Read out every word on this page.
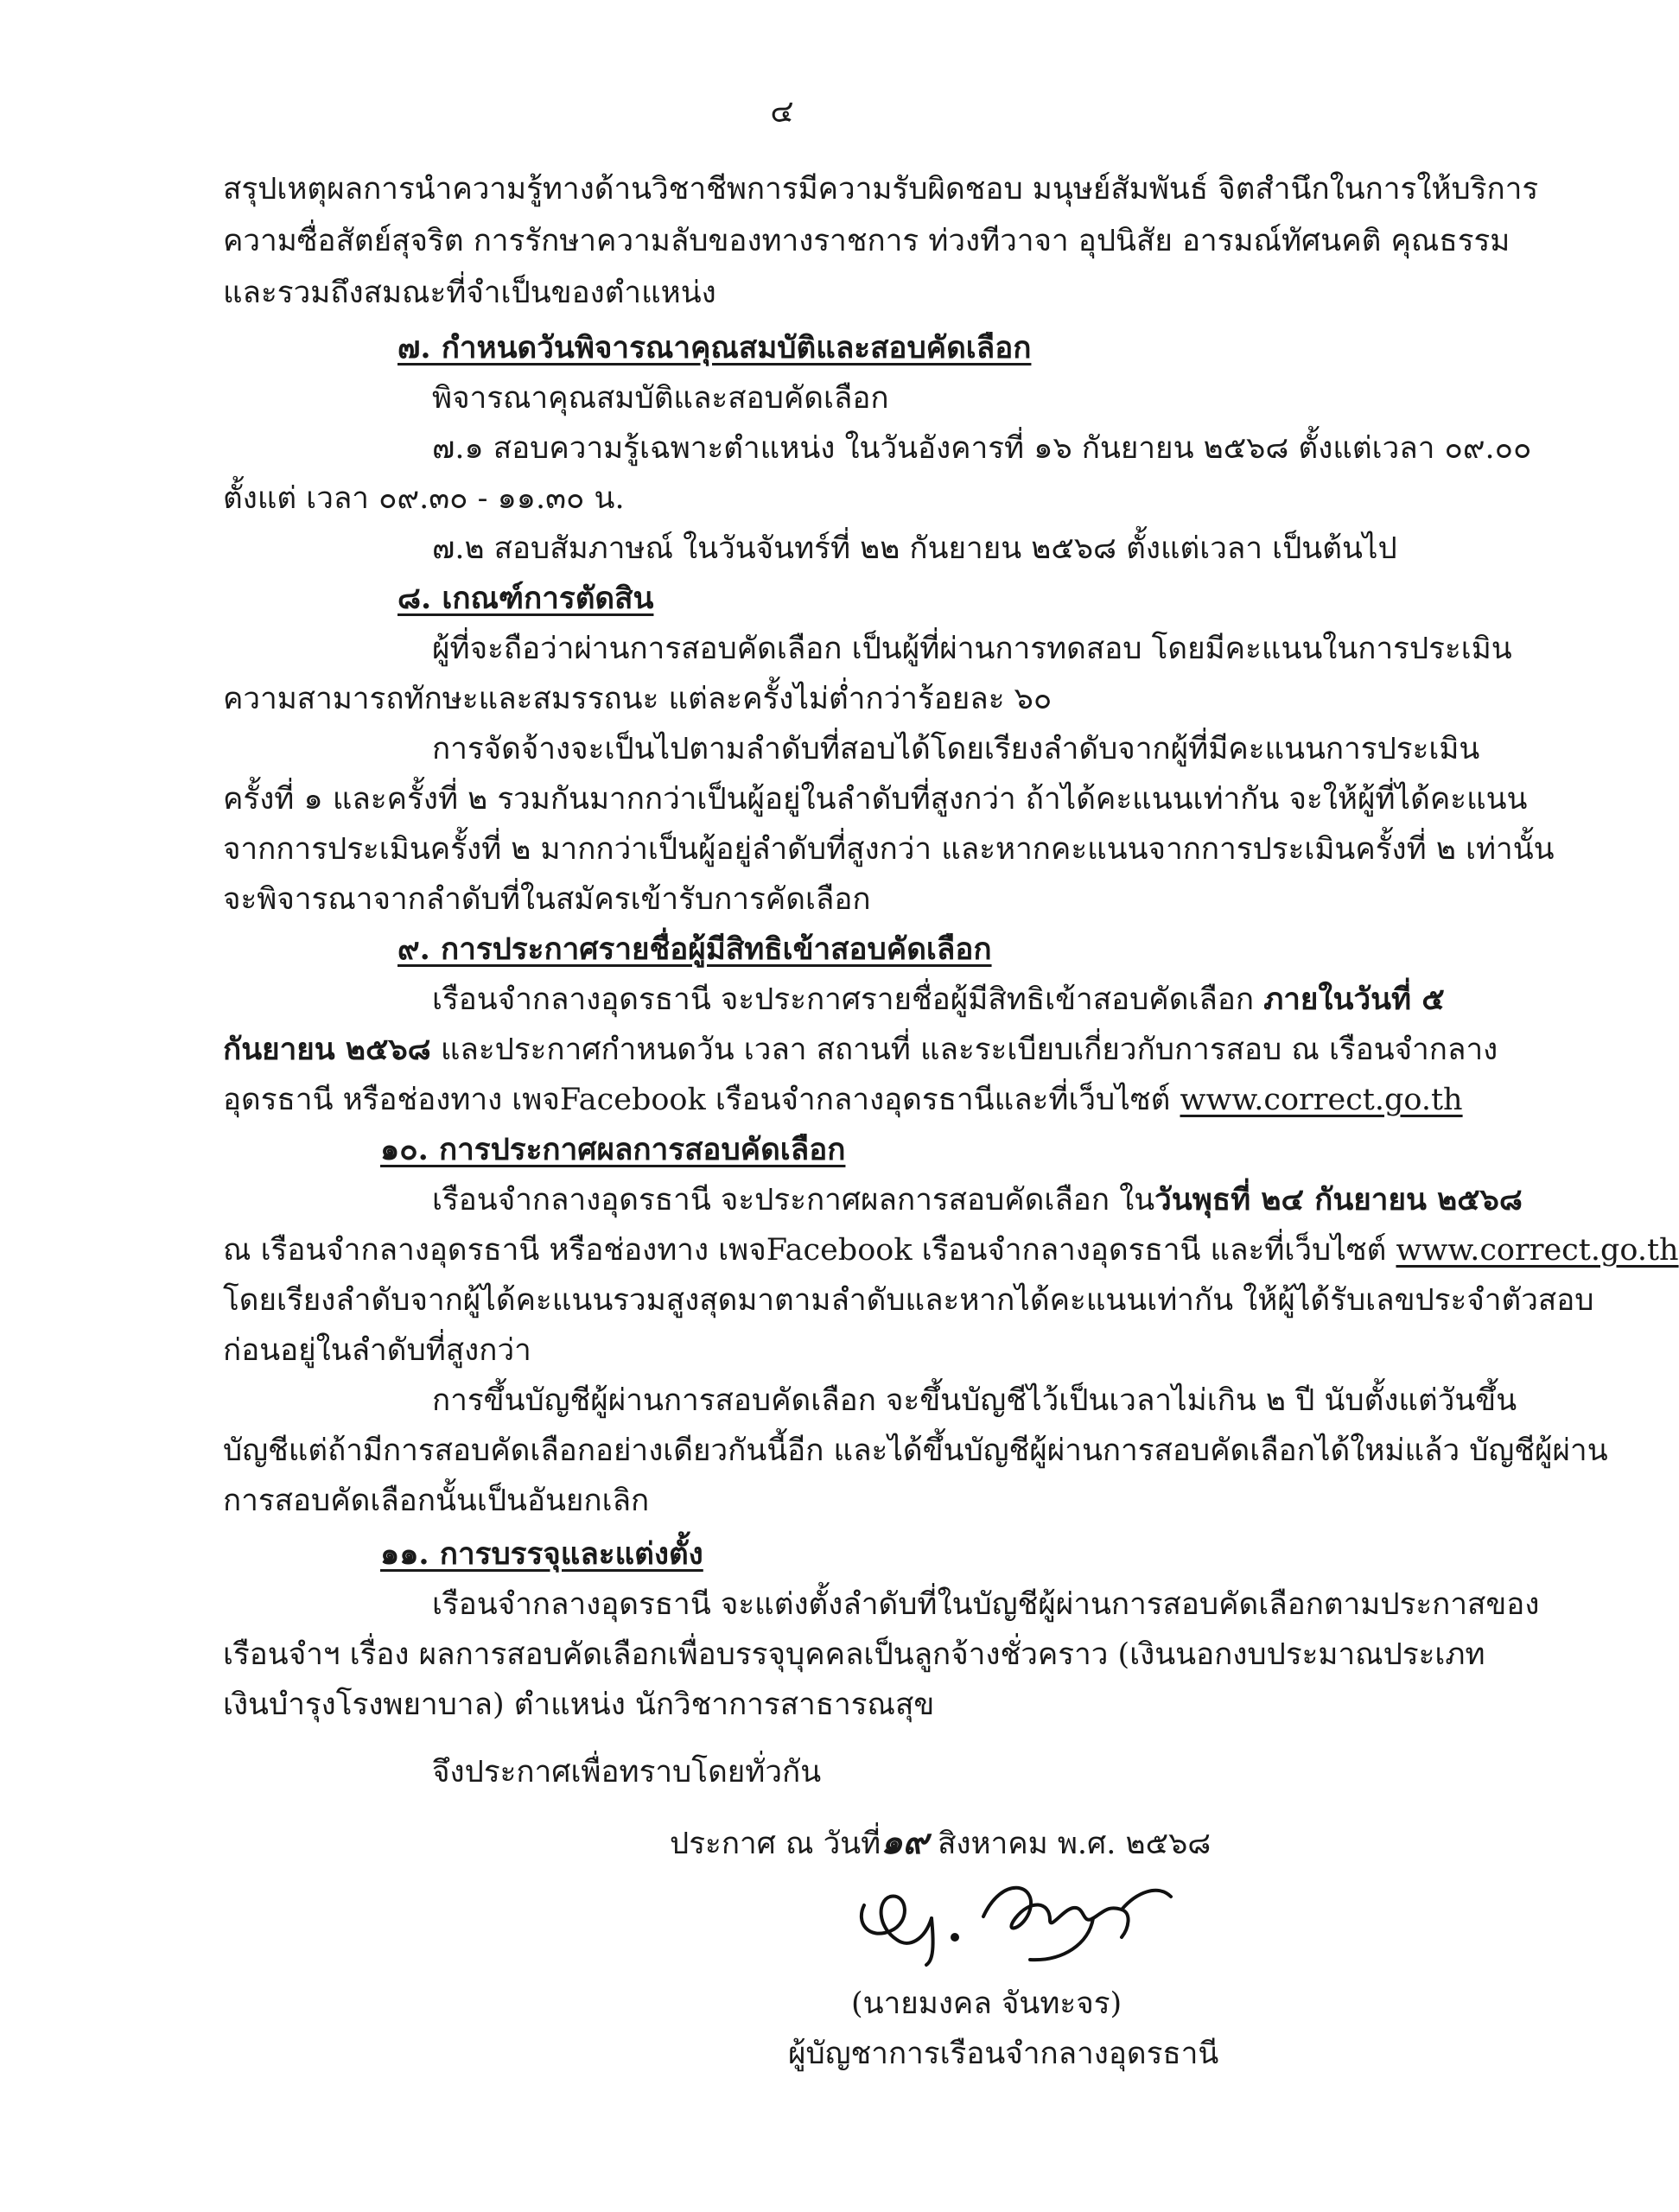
๔
สรุปเหตุผลการนำความรู้ทางด้านวิชาชีพการมีความรับผิดชอบ มนุษย์สัมพันธ์ จิตสำนึกในการให้บริการ
ความซื่อสัตย์สุจริต การรักษาความลับของทางราชการ ท่วงทีวาจา อุปนิสัย อารมณ์ทัศนคติ คุณธรรม
และรวมถึงสมณะที่จำเป็นของตำแหน่ง
๗. กำหนดวันพิจารณาคุณสมบัติและสอบคัดเลือก
พิจารณาคุณสมบัติและสอบคัดเลือก
๗.๑ สอบความรู้เฉพาะตำแหน่ง ในวันอังคารที่ ๑๖ กันยายน ๒๕๖๘ ตั้งแต่เวลา ๐๙.๐๐
ตั้งแต่ เวลา ๐๙.๓๐ - ๑๑.๓๐ น.
๗.๒ สอบสัมภาษณ์ ในวันจันทร์ที่ ๒๒ กันยายน ๒๕๖๘ ตั้งแต่เวลา เป็นต้นไป
๘. เกณฑ์การตัดสิน
ผู้ที่จะถือว่าผ่านการสอบคัดเลือก เป็นผู้ที่ผ่านการทดสอบ โดยมีคะแนนในการประเมิน
ความสามารถทักษะและสมรรถนะ แต่ละครั้งไม่ต่ำกว่าร้อยละ ๖๐
การจัดจ้างจะเป็นไปตามลำดับที่สอบได้โดยเรียงลำดับจากผู้ที่มีคะแนนการประเมิน
ครั้งที่ ๑ และครั้งที่ ๒ รวมกันมากกว่าเป็นผู้อยู่ในลำดับที่สูงกว่า ถ้าได้คะแนนเท่ากัน จะให้ผู้ที่ได้คะแนน
จากการประเมินครั้งที่ ๒ มากกว่าเป็นผู้อยู่ลำดับที่สูงกว่า และหากคะแนนจากการประเมินครั้งที่ ๒ เท่านั้น
จะพิจารณาจากลำดับที่ในสมัครเข้ารับการคัดเลือก
๙. การประกาศรายชื่อผู้มีสิทธิเข้าสอบคัดเลือก
เรือนจำกลางอุดรธานี จะประกาศรายชื่อผู้มีสิทธิเข้าสอบคัดเลือก ภายในวันที่ ๕
กันยายน ๒๕๖๘ และประกาศกำหนดวัน เวลา สถานที่ และระเบียบเกี่ยวกับการสอบ ณ เรือนจำกลาง
อุดรธานี หรือช่องทาง เพจFacebook เรือนจำกลางอุดรธานีและที่เว็บไซต์ www.correct.go.th
๑๐. การประกาศผลการสอบคัดเลือก
เรือนจำกลางอุดรธานี จะประกาศผลการสอบคัดเลือก ในวันพุธที่ ๒๔ กันยายน ๒๕๖๘
ณ เรือนจำกลางอุดรธานี หรือช่องทาง เพจFacebook เรือนจำกลางอุดรธานี และที่เว็บไซต์ www.correct.go.th
โดยเรียงลำดับจากผู้ได้คะแนนรวมสูงสุดมาตามลำดับและหากได้คะแนนเท่ากัน ให้ผู้ได้รับเลขประจำตัวสอบ
ก่อนอยู่ในลำดับที่สูงกว่า
การขึ้นบัญชีผู้ผ่านการสอบคัดเลือก จะขึ้นบัญชีไว้เป็นเวลาไม่เกิน ๒ ปี นับตั้งแต่วันขึ้น
บัญชีแต่ถ้ามีการสอบคัดเลือกอย่างเดียวกันนี้อีก และได้ขึ้นบัญชีผู้ผ่านการสอบคัดเลือกได้ใหม่แล้ว บัญชีผู้ผ่าน
การสอบคัดเลือกนั้นเป็นอันยกเลิก
๑๑. การบรรจุและแต่งตั้ง
เรือนจำกลางอุดรธานี จะแต่งตั้งลำดับที่ในบัญชีผู้ผ่านการสอบคัดเลือกตามประกาสของ
เรือนจำฯ เรื่อง ผลการสอบคัดเลือกเพื่อบรรจุบุคคลเป็นลูกจ้างชั่วคราว (เงินนอกงบประมาณประเภท
เงินบำรุงโรงพยาบาล) ตำแหน่ง นักวิชาการสาธารณสุข
จึงประกาศเพื่อทราบโดยทั่วกัน
ประกาศ ณ วันที่๑๙ สิงหาคม พ.ศ. ๒๕๖๘
(นายมงคล จันทะจร)
ผู้บัญชาการเรือนจำกลางอุดรธานี
